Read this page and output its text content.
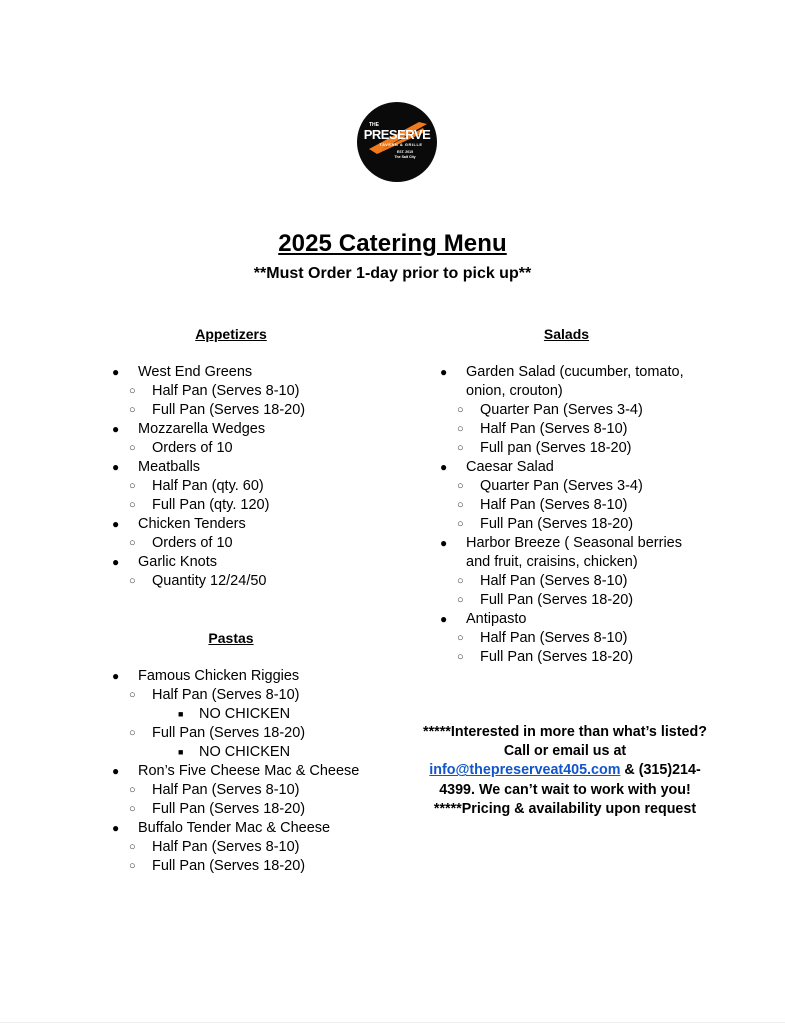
THE
PRESERVE
TAVERN & GRILLE
EST. 2015
The Salt City
2025 Catering Menu
**Must Order 1-day prior to pick up**
Appetizers
● West End Greens
○ Half Pan (Serves 8-10)
○ Full Pan (Serves 18-20)
● Mozzarella Wedges
○ Orders of 10
● Meatballs
○ Half Pan (qty. 60)
○ Full Pan (qty. 120)
● Chicken Tenders
○ Orders of 10
● Garlic Knots
○ Quantity 12/24/50
Pastas
● Famous Chicken Riggies
○ Half Pan (Serves 8-10)
■ NO CHICKEN
○ Full Pan (Serves 18-20)
■ NO CHICKEN
● Ron’s Five Cheese Mac & Cheese
○ Half Pan (Serves 8-10)
○ Full Pan (Serves 18-20)
● Buffalo Tender Mac & Cheese
○ Half Pan (Serves 8-10)
○ Full Pan (Serves 18-20)
Salads
● Garden Salad (cucumber, tomato, onion, crouton)
○ Quarter Pan (Serves 3-4)
○ Half Pan (Serves 8-10)
○ Full pan (Serves 18-20)
● Caesar Salad
○ Quarter Pan (Serves 3-4)
○ Half Pan (Serves 8-10)
○ Full Pan (Serves 18-20)
● Harbor Breeze ( Seasonal berries and fruit, craisins, chicken)
○ Half Pan (Serves 8-10)
○ Full Pan (Serves 18-20)
● Antipasto
○ Half Pan (Serves 8-10)
○ Full Pan (Serves 18-20)
*****Interested in more than what’s listed? Call or email us at info@thepreserveat405.com & (315)214-4399. We can’t wait to work with you!
*****Pricing & availability upon request
